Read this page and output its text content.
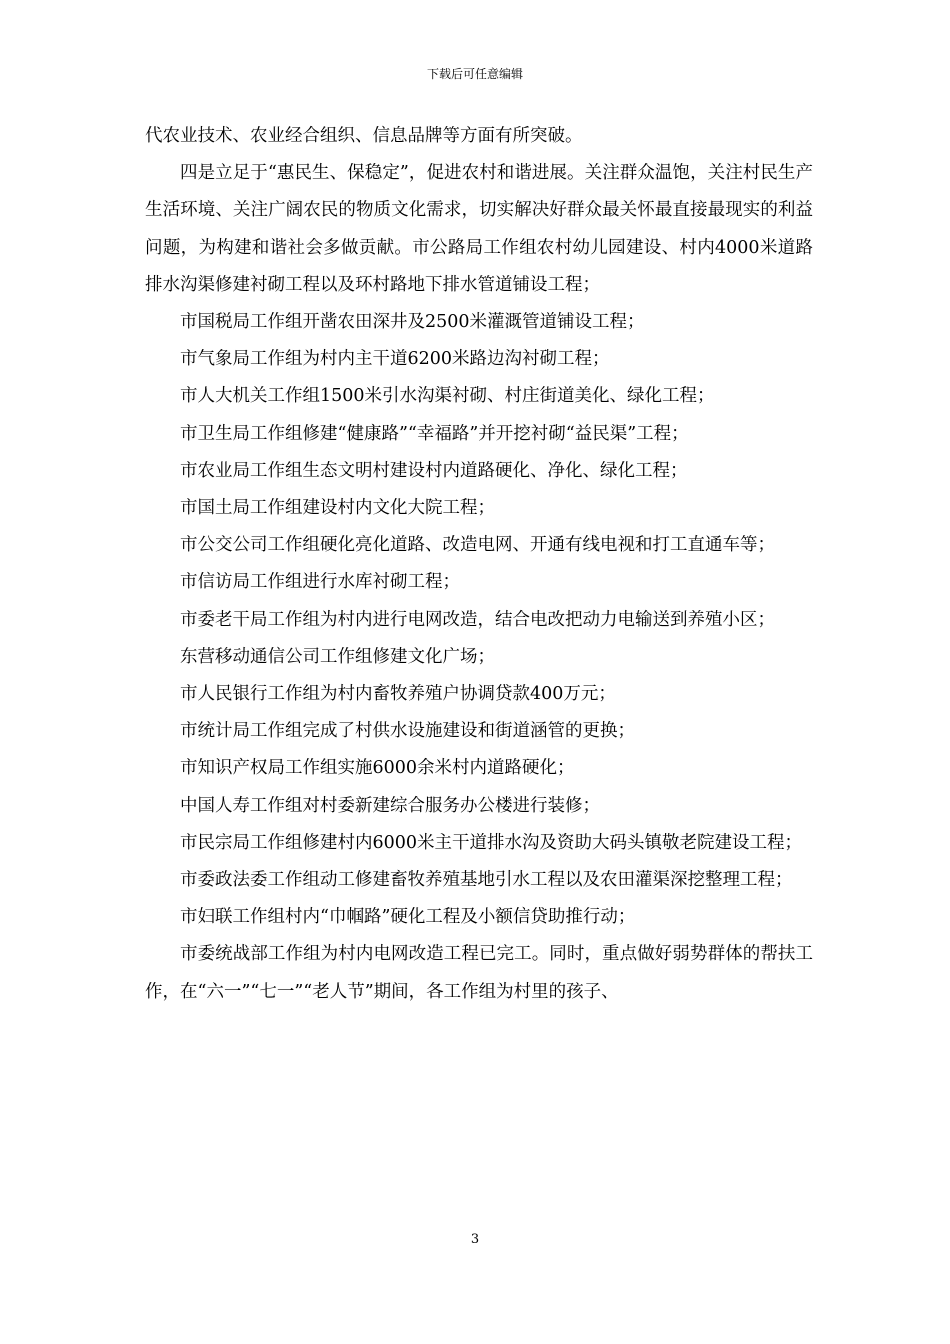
下载后可任意编辑

代农业技术、农业经合组织、信息品牌等方面有所突破。

四是立足于“惠民生、保稳定”，促进农村和谐进展。关注群众温饱，关注村民生产生活环境、关注广阔农民的物质文化需求，切实解决好群众最关怀最直接最现实的利益问题，为构建和谐社会多做贡献。市公路局工作组农村幼儿园建设、村内4000米道路排水沟渠修建衬砌工程以及环村路地下排水管道铺设工程；

市国税局工作组开凿农田深井及2500米灌溉管道铺设工程；

市气象局工作组为村内主干道6200米路边沟衬砌工程；

市人大机关工作组1500米引水沟渠衬砌、村庄街道美化、绿化工程；

市卫生局工作组修建“健康路”“幸福路”并开挖衬砌“益民渠”工程；

市农业局工作组生态文明村建设村内道路硬化、净化、绿化工程；

市国土局工作组建设村内文化大院工程；

市公交公司工作组硬化亮化道路、改造电网、开通有线电视和打工直通车等；

市信访局工作组进行水库衬砌工程；

市委老干局工作组为村内进行电网改造，结合电改把动力电输送到养殖小区；

东营移动通信公司工作组修建文化广场；

市人民银行工作组为村内畜牧养殖户协调贷款400万元；

市统计局工作组完成了村供水设施建设和街道涵管的更换；

市知识产权局工作组实施6000余米村内道路硬化；

中国人寿工作组对村委新建综合服务办公楼进行装修；

市民宗局工作组修建村内6000米主干道排水沟及资助大码头镇敬老院建设工程；

市委政法委工作组动工修建畜牧养殖基地引水工程以及农田灌渠深挖整理工程；

市妇联工作组村内“巾帼路”硬化工程及小额信贷助推行动；

市委统战部工作组为村内电网改造工程已完工。同时，重点做好弱势群体的帮扶工作，在“六一”“七一”“老人节”期间，各工作组为村里的孩子、

3
